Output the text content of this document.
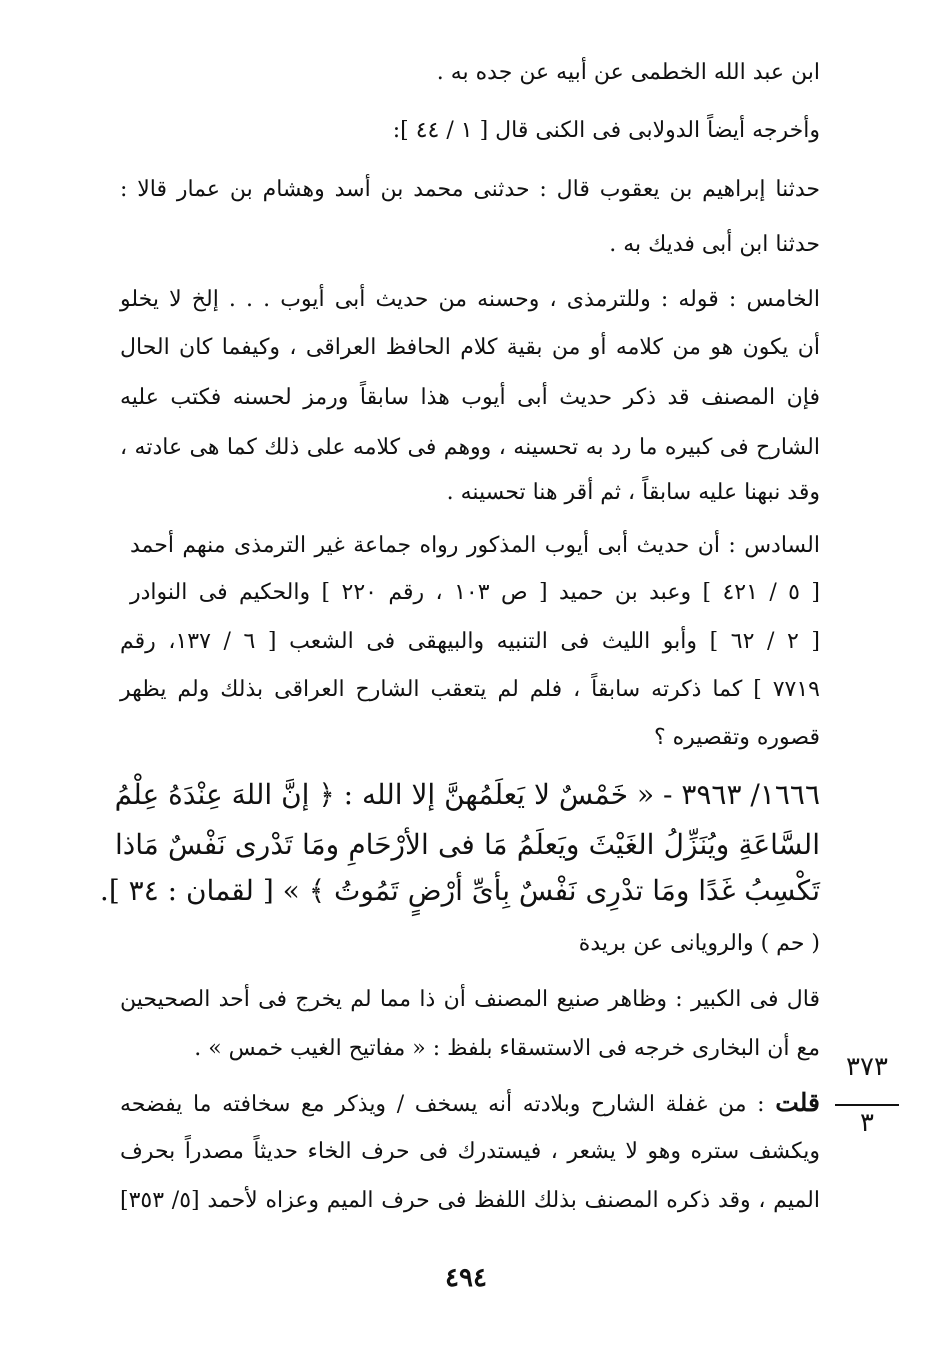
ابن عبد الله الخطمى عن أبيه عن جده به .
وأخرجه أيضاً الدولابى فى الكنى قال [ ١ / ٤٤ ]:
حدثنا إبراهيم بن يعقوب قال : حدثنى محمد بن أسد وهشام بن عمار قالا :
حدثنا ابن أبى فديك به .
الخامس : قوله : وللترمذى ، وحسنه من حديث أبى أيوب . . . إلخ لا يخلو
أن يكون هو من كلامه أو من بقية كلام الحافظ العراقى ، وكيفما كان الحال
فإن المصنف قد ذكر حديث أبى أيوب هذا سابقاً ورمز لحسنه فكتب عليه
الشارح فى كبيره ما رد به تحسينه ، ووهم فى كلامه على ذلك كما هى عادته ،
وقد نبهنا عليه سابقاً ، ثم أقر هنا تحسينه .
السادس : أن حديث أبى أيوب المذكور رواه جماعة غير الترمذى منهم أحمد
[ ٥ / ٤٢١ ] وعبد بن حميد [ ص ١٠٣ ، رقم ٢٢٠ ] والحكيم فى النوادر
[ ٢ / ٦٢ ] وأبو الليث فى التنبيه والبيهقى فى الشعب [ ٦ / ١٣٧، رقم
٧٧١٩ ] كما ذكرته سابقاً ، فلم لم يتعقب الشارح العراقى بذلك ولم يظهر
قصوره وتقصيره ؟
١٦٦٦/ ٣٩٦٣ - « خَمْسٌ لا يَعلَمُهنَّ إلا الله : ﴿ إنَّ اللهَ عِنْدَهُ عِلْمُ
السَّاعَةِ ويُنَزِّلُ الغَيْثَ ويَعلَمُ مَا فى الأرْحَامِ ومَا تَدْرى نَفْسٌ مَاذا
تَكْسِبُ غَدًا ومَا تدْرِى نَفْسٌ بِأىِّ أرْضٍ تَمُوتُ ﴾ » [ لقمان : ٣٤ ].
( حم ) والرويانى عن بريدة
قال فى الكبير : وظاهر صنيع المصنف أن ذا مما لم يخرج فى أحد الصحيحين
مع أن البخارى خرجه فى الاستسقاء بلفظ : « مفاتيح الغيب خمس » .
قلت : من غفلة الشارح وبلادته أنه يسخف / ويذكر مع سخافته ما يفضحه
ويكشف ستره وهو لا يشعر ، فيستدرك فى حرف الخاء حديثاً مصدراً بحرف
الميم ، وقد ذكره المصنف بذلك اللفظ فى حرف الميم وعزاه لأحمد [٥/ ٣٥٣]
٣٧٣
٣
٤٩٤
